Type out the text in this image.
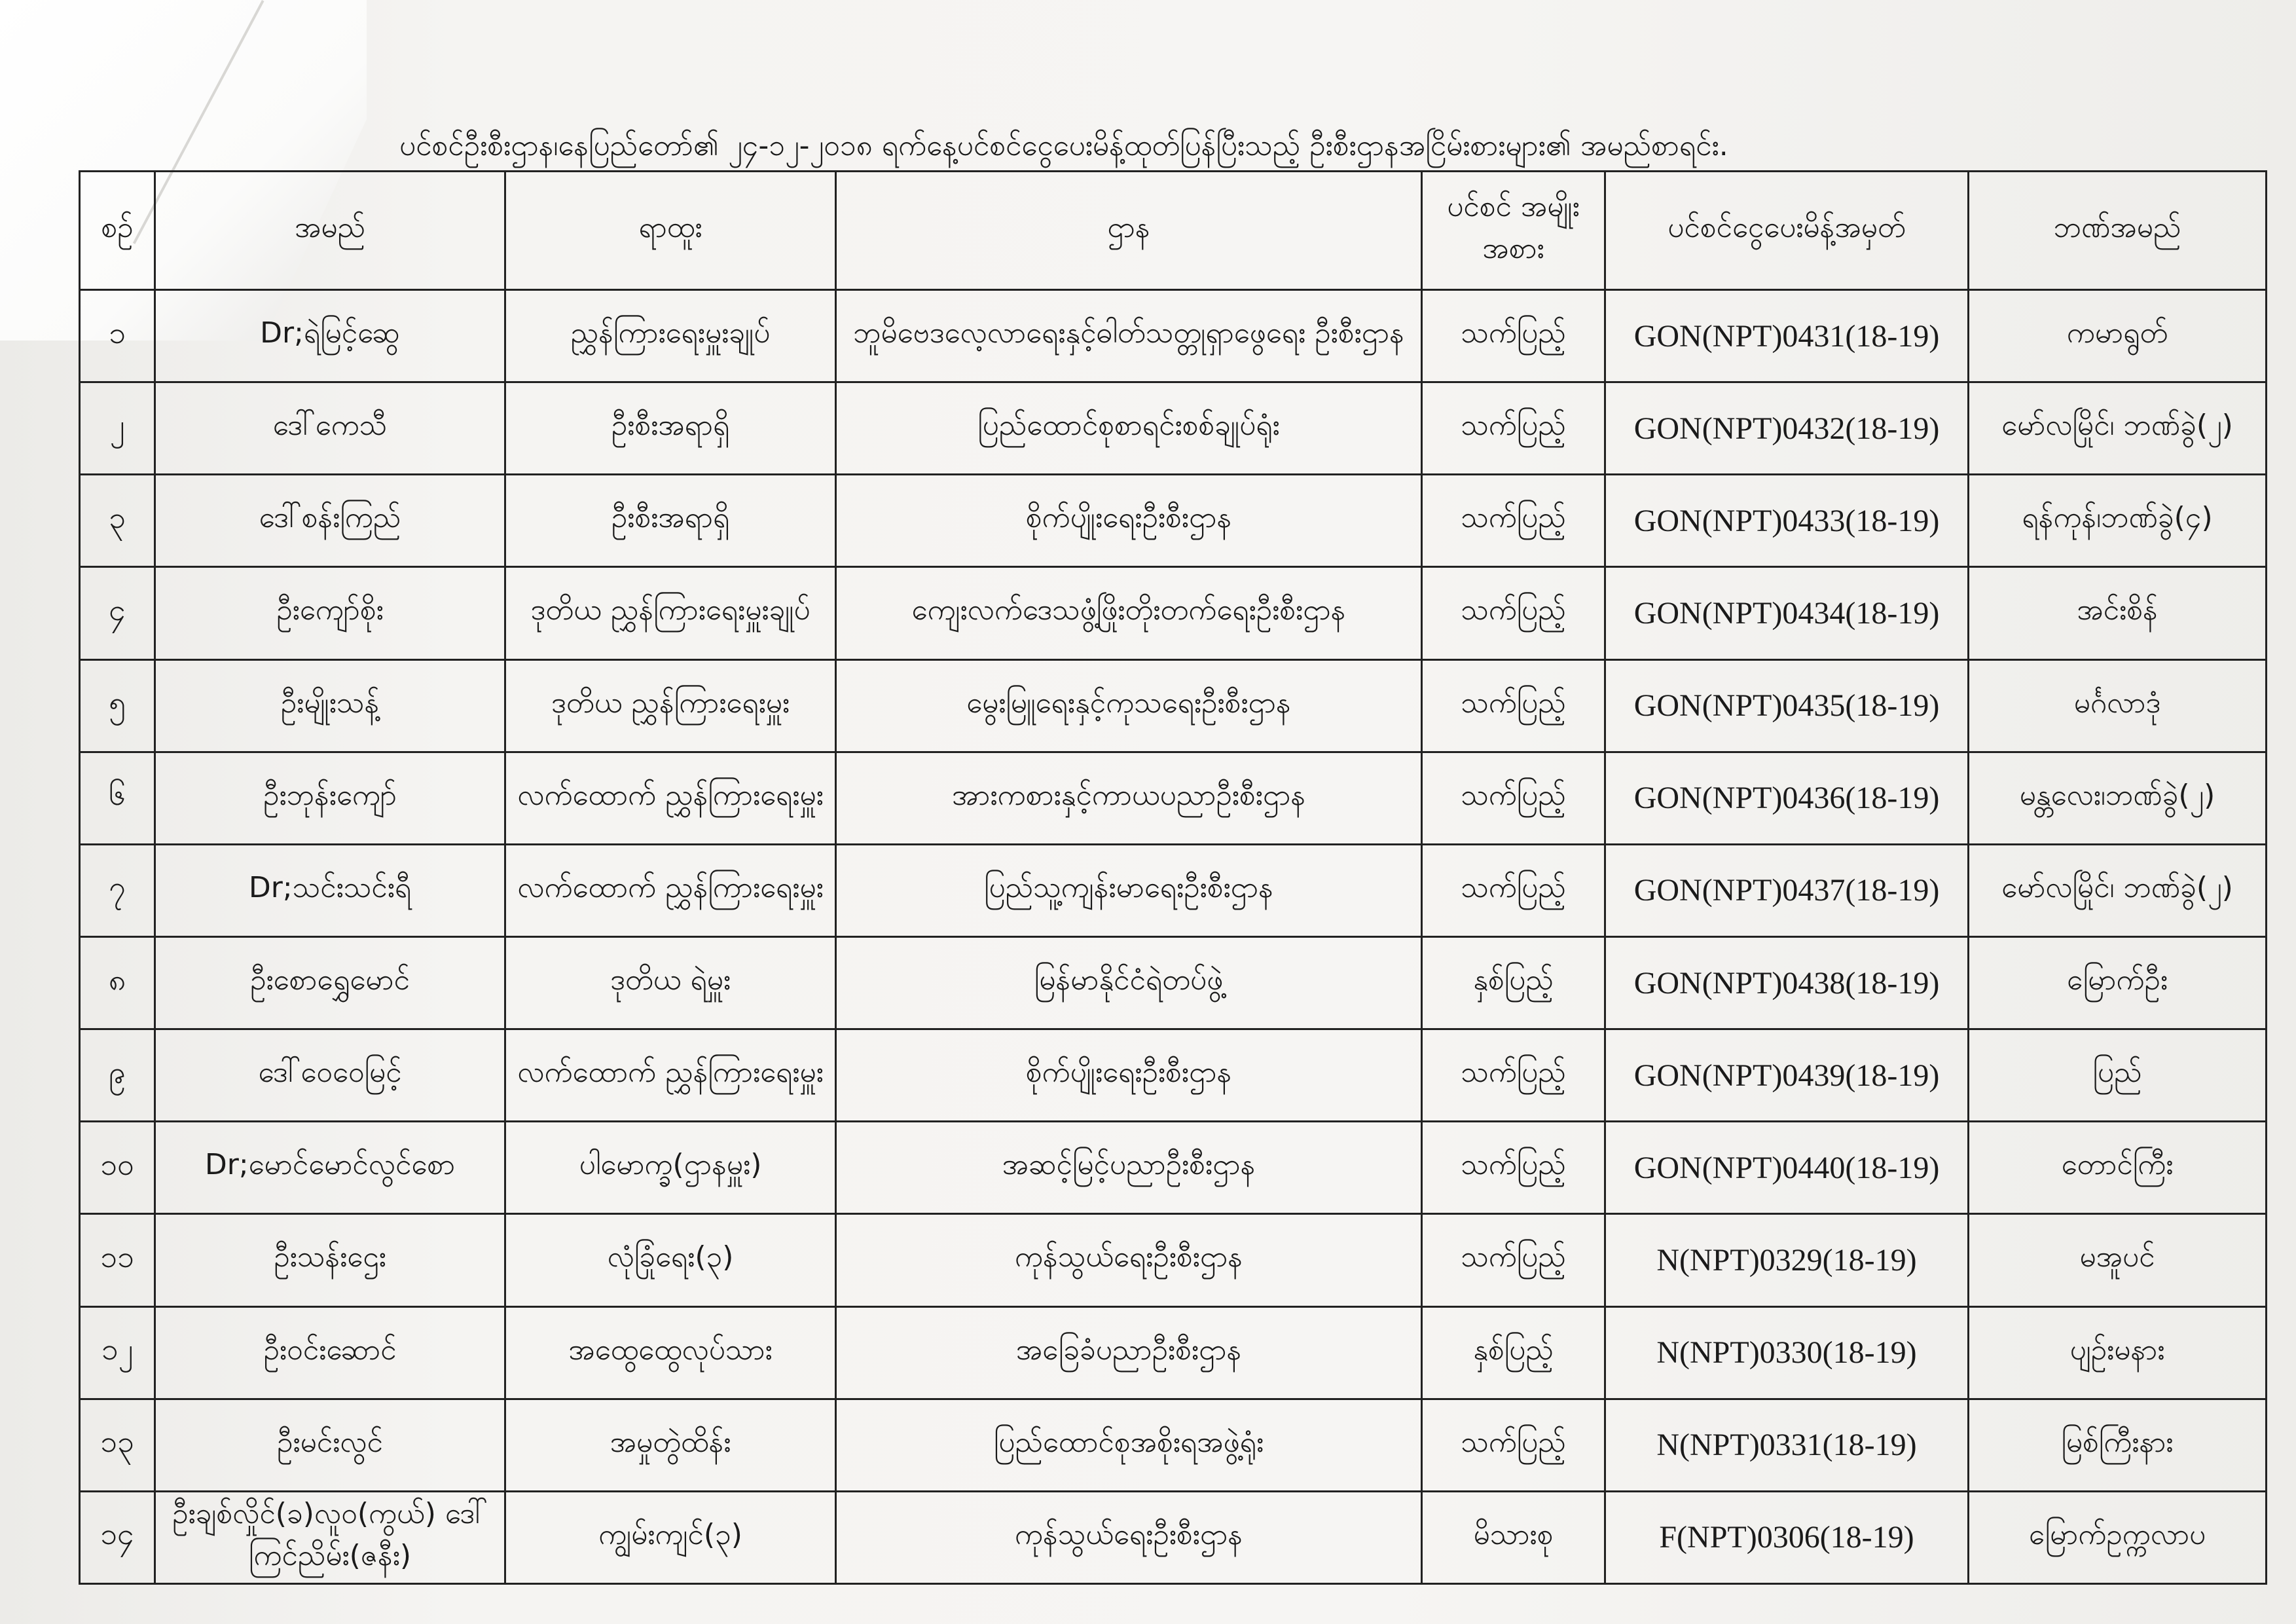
ပင်စင်ဦးစီးဌာန၊နေပြည်တော်၏ ၂၄-၁၂-၂၀၁၈ ရက်နေ့ပင်စင်ငွေပေးမိန့်ထုတ်ပြန်ပြီးသည့် ဦးစီးဌာနအငြိမ်းစားများ၏ အမည်စာရင်း.
စဉ်	အမည်	ရာထူး	ဌာန	ပင်စင် အမျိုးအစား	ပင်စင်ငွေပေးမိန့်အမှတ်	ဘဏ်အမည်
၁	Dr;ရဲမြင့်ဆွေ	ညွှန်ကြားရေးမှူးချုပ်	ဘူမိဗေဒလေ့လာရေးနှင့်ဓါတ်သတ္တုရှာဖွေရေး ဦးစီးဌာန	သက်ပြည့်	GON(NPT)0431(18-19)	ကမာရွတ်
၂	ဒေါ်ကေသီ	ဦးစီးအရာရှိ	ပြည်ထောင်စုစာရင်းစစ်ချုပ်ရုံး	သက်ပြည့်	GON(NPT)0432(18-19)	မော်လမြိုင်၊ ဘဏ်ခွဲ(၂)
၃	ဒေါ်စန်းကြည်	ဦးစီးအရာရှိ	စိုက်ပျိုးရေးဦးစီးဌာန	သက်ပြည့်	GON(NPT)0433(18-19)	ရန်ကုန်၊ဘဏ်ခွဲ(၄)
၄	ဦးကျော်စိုး	ဒုတိယ ညွှန်ကြားရေးမှူးချုပ်	ကျေးလက်ဒေသဖွံ့ဖြိုးတိုးတက်ရေးဦးစီးဌာန	သက်ပြည့်	GON(NPT)0434(18-19)	အင်းစိန်
၅	ဦးမျိုးသန့်	ဒုတိယ ညွှန်ကြားရေးမှူး	မွေးမြူရေးနှင့်ကုသရေးဦးစီးဌာန	သက်ပြည့်	GON(NPT)0435(18-19)	မင်္ဂလာဒုံ
၆	ဦးဘုန်းကျော်	လက်ထောက် ညွှန်ကြားရေးမှူး	အားကစားနှင့်ကာယပညာဦးစီးဌာန	သက်ပြည့်	GON(NPT)0436(18-19)	မန္တလေး၊ဘဏ်ခွဲ(၂)
၇	Dr;သင်းသင်းရီ	လက်ထောက် ညွှန်ကြားရေးမှူး	ပြည်သူ့ကျန်းမာရေးဦးစီးဌာန	သက်ပြည့်	GON(NPT)0437(18-19)	မော်လမြိုင်၊ ဘဏ်ခွဲ(၂)
၈	ဦးစောရွှေမောင်	ဒုတိယ ရဲမှူး	မြန်မာနိုင်ငံရဲတပ်ဖွဲ့	နှစ်ပြည့်	GON(NPT)0438(18-19)	မြောက်ဦး
၉	ဒေါ်ဝေဝေမြင့်	လက်ထောက် ညွှန်ကြားရေးမှူး	စိုက်ပျိုးရေးဦးစီးဌာန	သက်ပြည့်	GON(NPT)0439(18-19)	ပြည်
၁၀	Dr;မောင်မောင်လွင်စော	ပါမောက္ခ(ဌာနမှူး)	အဆင့်မြင့်ပညာဦးစီးဌာန	သက်ပြည့်	GON(NPT)0440(18-19)	တောင်ကြီး
၁၁	ဦးသန်းဌေး	လုံခြုံရေး(၃)	ကုန်သွယ်ရေးဦးစီးဌာန	သက်ပြည့်	N(NPT)0329(18-19)	မအူပင်
၁၂	ဦးဝင်းဆောင်	အထွေထွေလုပ်သား	အခြေခံပညာဦးစီးဌာန	နှစ်ပြည့်	N(NPT)0330(18-19)	ပျဉ်းမနား
၁၃	ဦးမင်းလွင်	အမှုတွဲထိန်း	ပြည်ထောင်စုအစိုးရအဖွဲ့ရုံး	သက်ပြည့်	N(NPT)0331(18-19)	မြစ်ကြီးနား
၁၄	ဦးချစ်လှိုင်(ခ)လူဝ(ကွယ်) ဒေါ်ကြင်ညိမ်း(ဇနီး)	ကျွမ်းကျင်(၃)	ကုန်သွယ်ရေးဦးစီးဌာန	မိသားစု	F(NPT)0306(18-19)	မြောက်ဥက္ကလာပ
